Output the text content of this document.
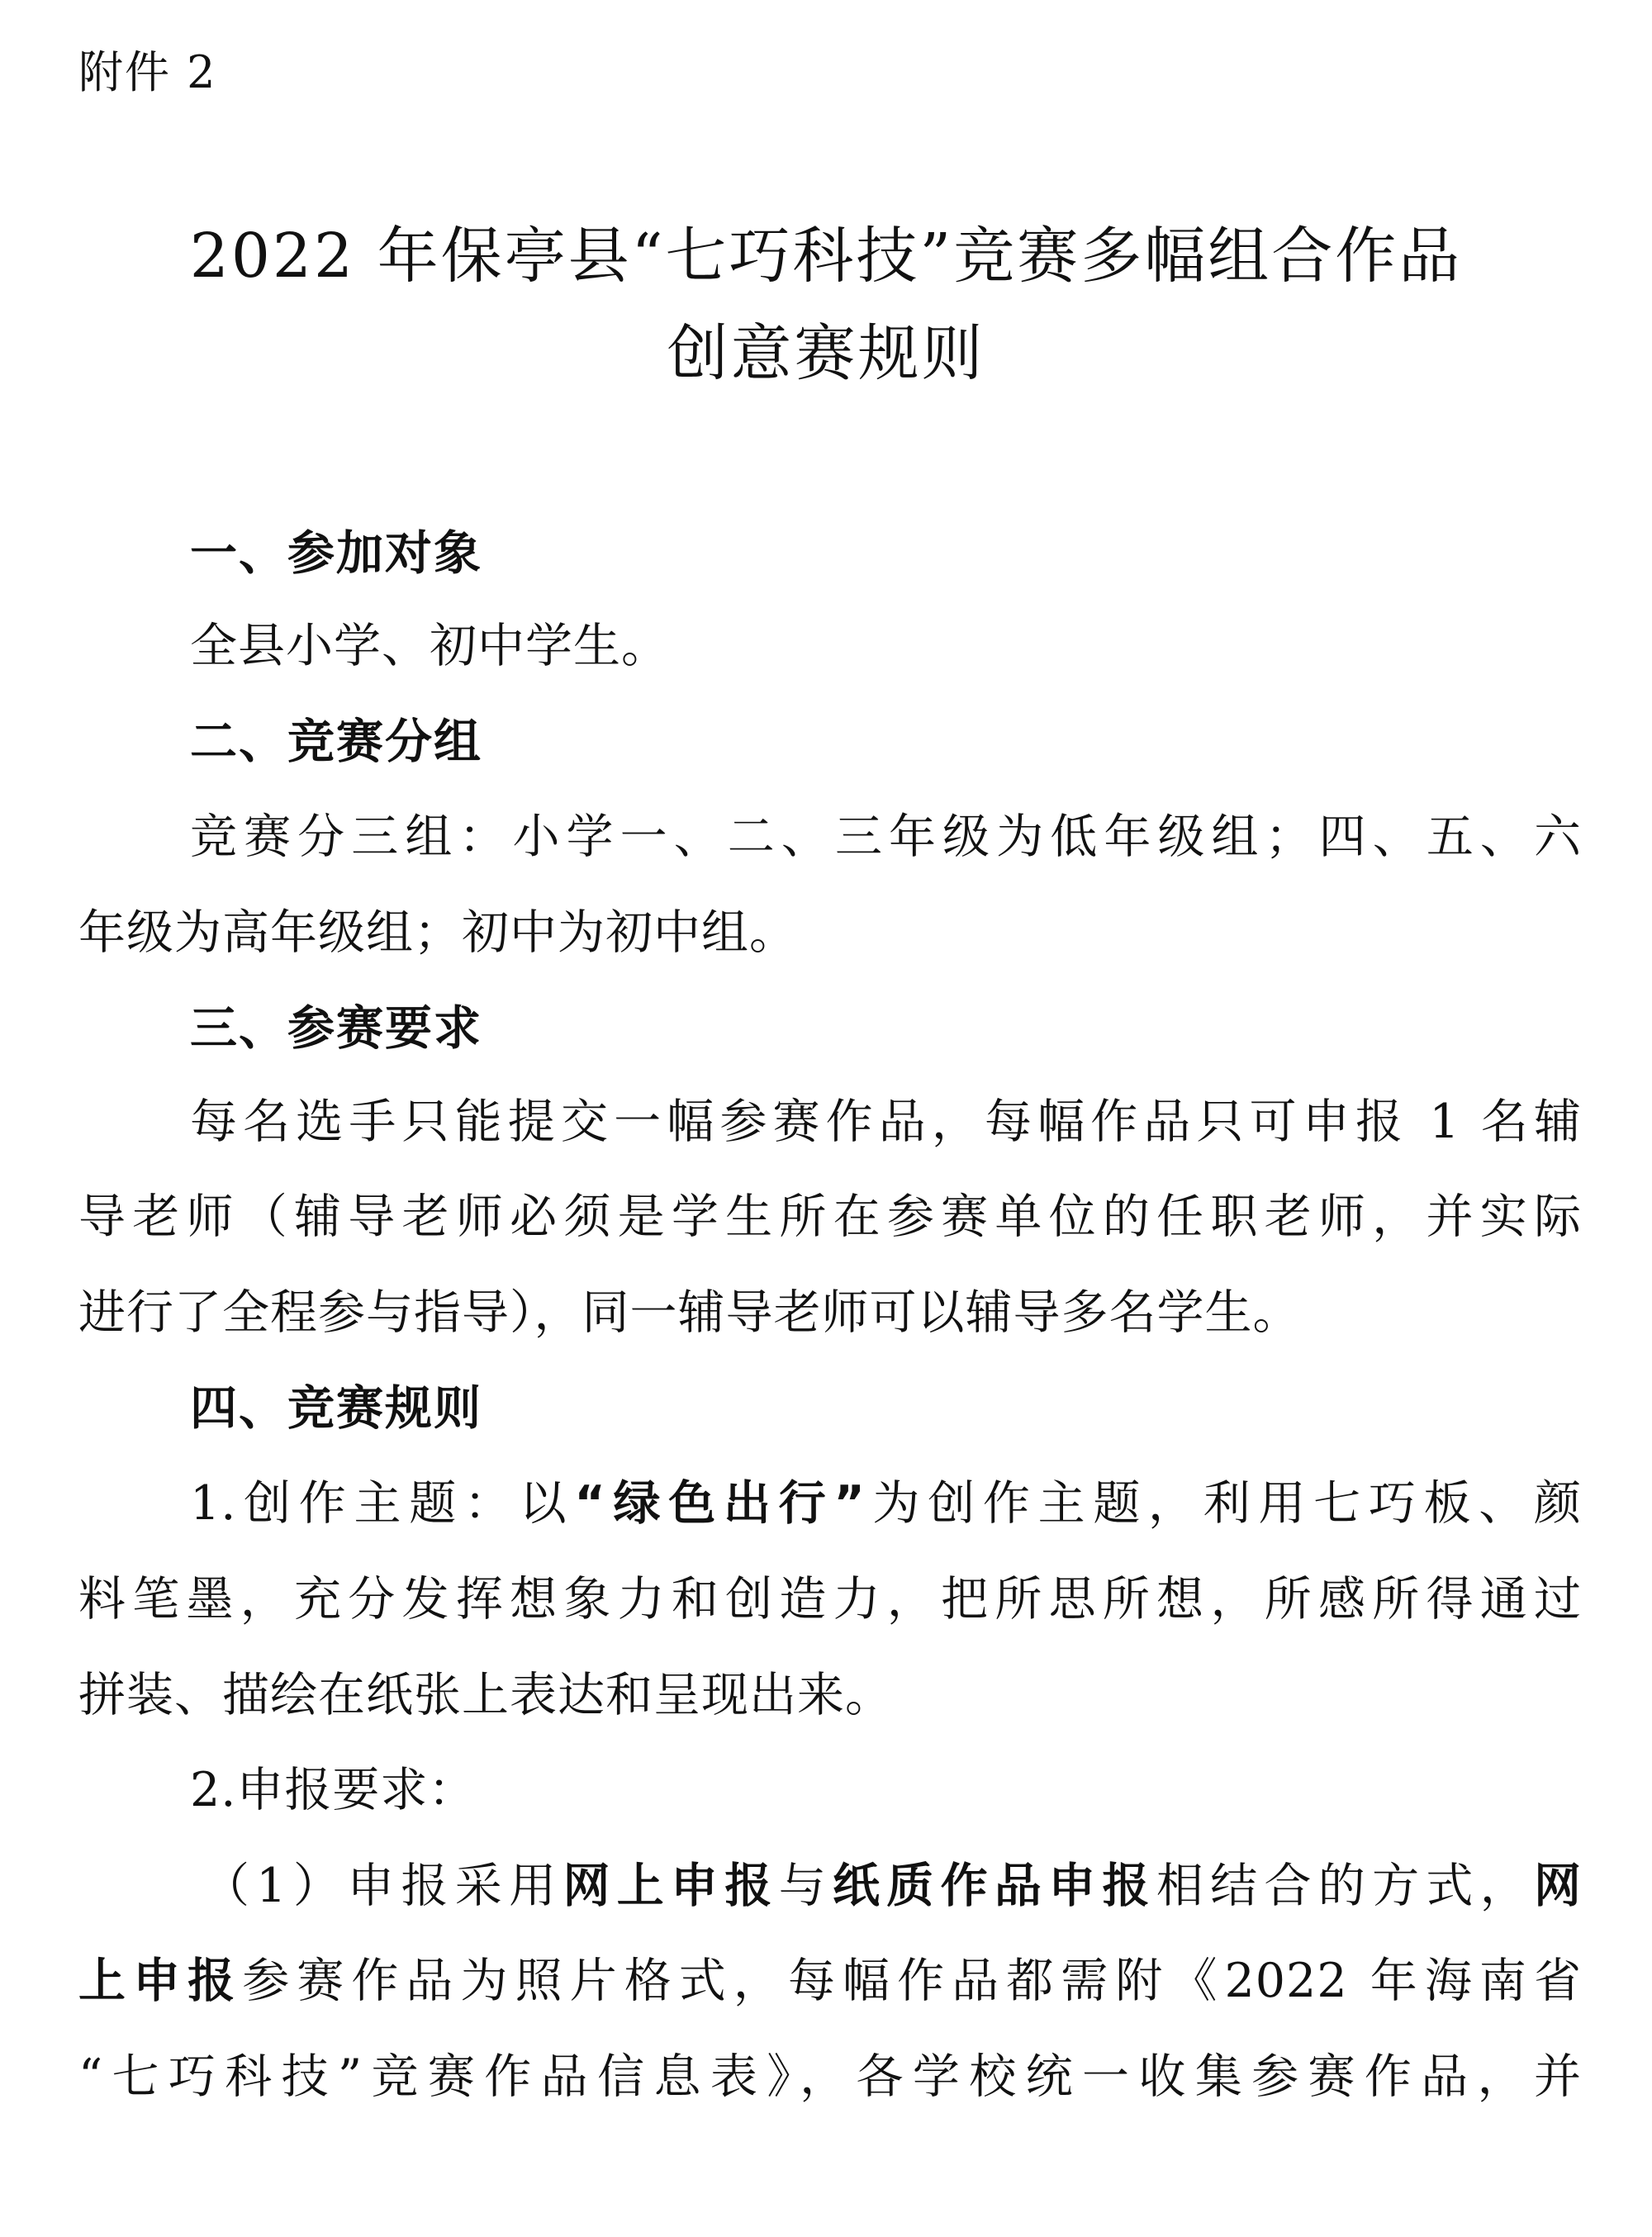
附件 2
2022 年保亭县“七巧科技”竞赛多幅组合作品
创意赛规则
一、参加对象
全县小学、初中学生。
二、竞赛分组
竞赛分三组：小学一、二、三年级为低年级组；四、五、六
年级为高年级组；初中为初中组。
三、参赛要求
每名选手只能提交一幅参赛作品，每幅作品只可申报 1 名辅
导老师（辅导老师必须是学生所在参赛单位的任职老师，并实际
进行了全程参与指导），同一辅导老师可以辅导多名学生。
四、竞赛规则
1.创作主题：以“绿色出行”为创作主题，利用七巧板、颜
料笔墨，充分发挥想象力和创造力，把所思所想，所感所得通过
拼装、描绘在纸张上表达和呈现出来。
2.申报要求：
（1）申报采用网上申报与纸质作品申报相结合的方式，网
上申报参赛作品为照片格式，每幅作品都需附《2022 年海南省
“七巧科技”竞赛作品信息表》，各学校统一收集参赛作品，并
